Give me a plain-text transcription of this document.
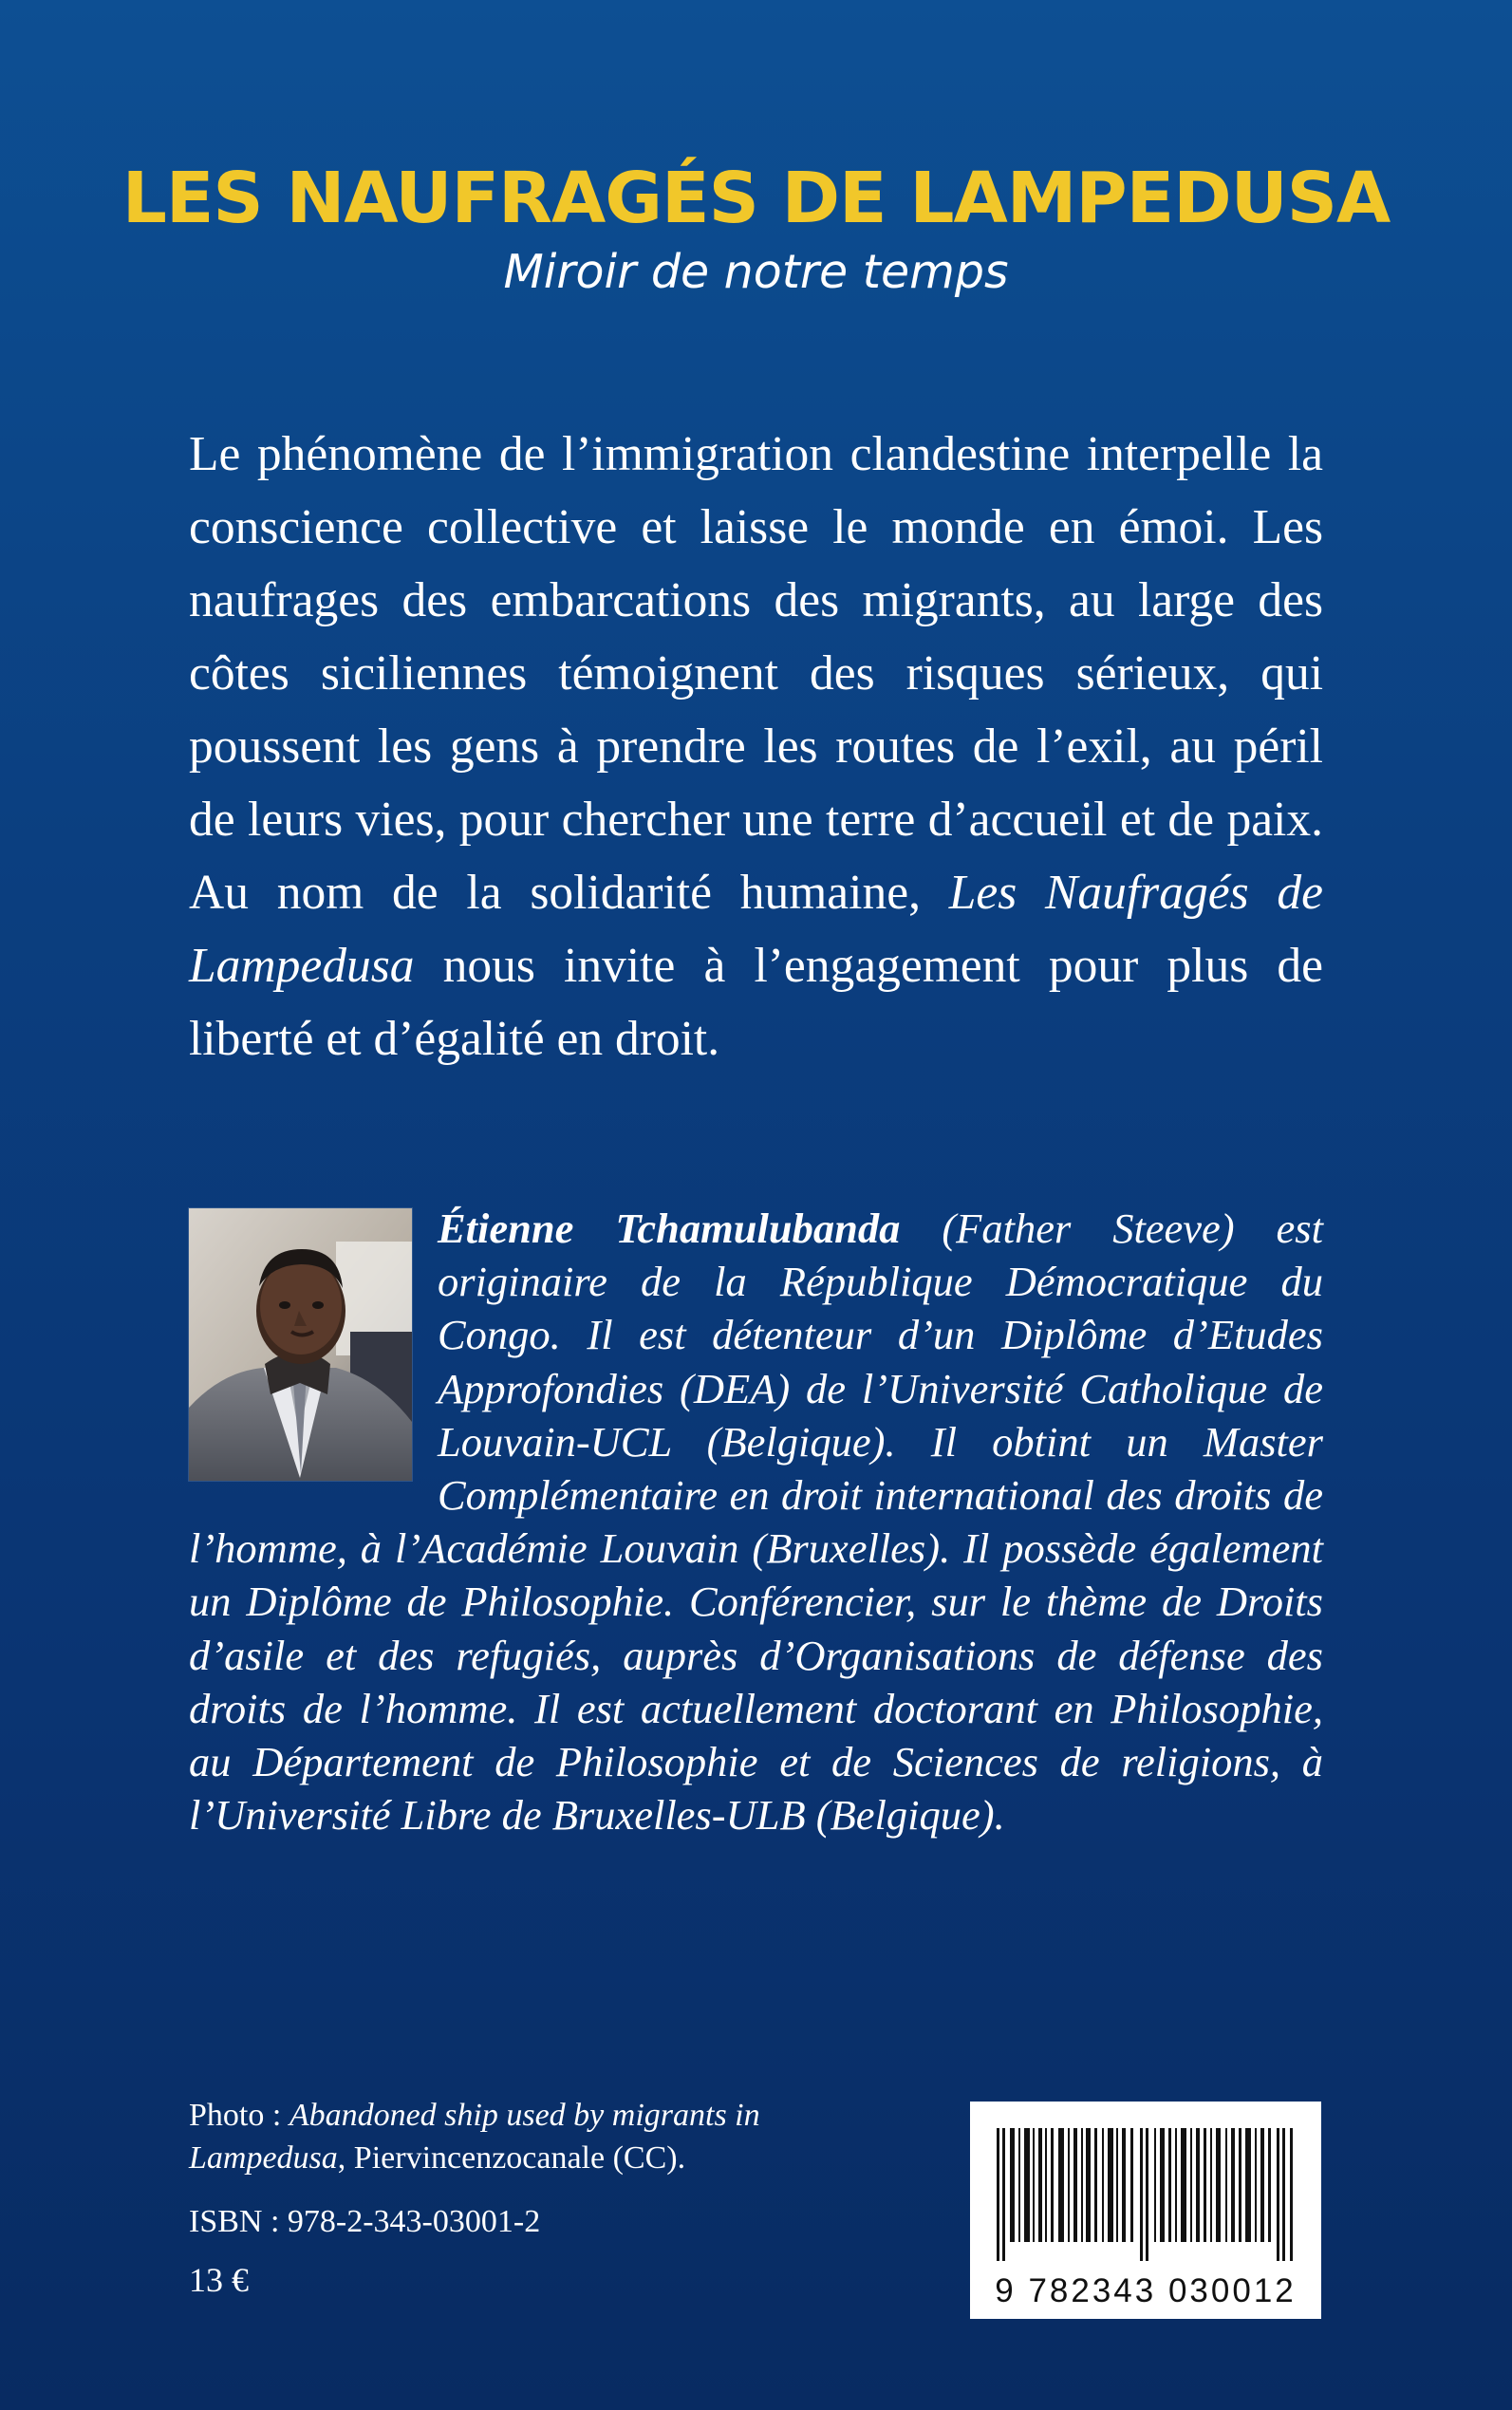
LES NAUFRAGÉS DE LAMPEDUSA
Miroir de notre temps

Le phénomène de l’immigration clandestine interpelle la conscience collective et laisse le monde en émoi. Les naufrages des embarcations des migrants, au large des côtes siciliennes témoignent des risques sérieux, qui poussent les gens à prendre les routes de l’exil, au péril de leurs vies, pour chercher une terre d’accueil et de paix. Au nom de la solidarité humaine, Les Naufragés de Lampedusa nous invite à l’engagement pour plus de liberté et d’égalité en droit.

Étienne Tchamulubanda (Father Steeve) est originaire de la République Démocratique du Congo. Il est détenteur d’un Diplôme d’Etudes Approfondies (DEA) de l’Université Catholique de Louvain-UCL (Belgique). Il obtint un Master Complémentaire en droit international des droits de l’homme, à l’Académie Louvain (Bruxelles). Il possède également un Diplôme de Philosophie. Conférencier, sur le thème de Droits d’asile et des refugiés, auprès d’Organisations de défense des droits de l’homme. Il est actuellement doctorant en Philosophie, au Département de Philosophie et de Sciences de religions, à l’Université Libre de Bruxelles-ULB (Belgique).

Photo : Abandoned ship used by migrants in Lampedusa, Piervincenzocanale (CC).

ISBN : 978-2-343-03001-2
13 €	9 782343 030012
